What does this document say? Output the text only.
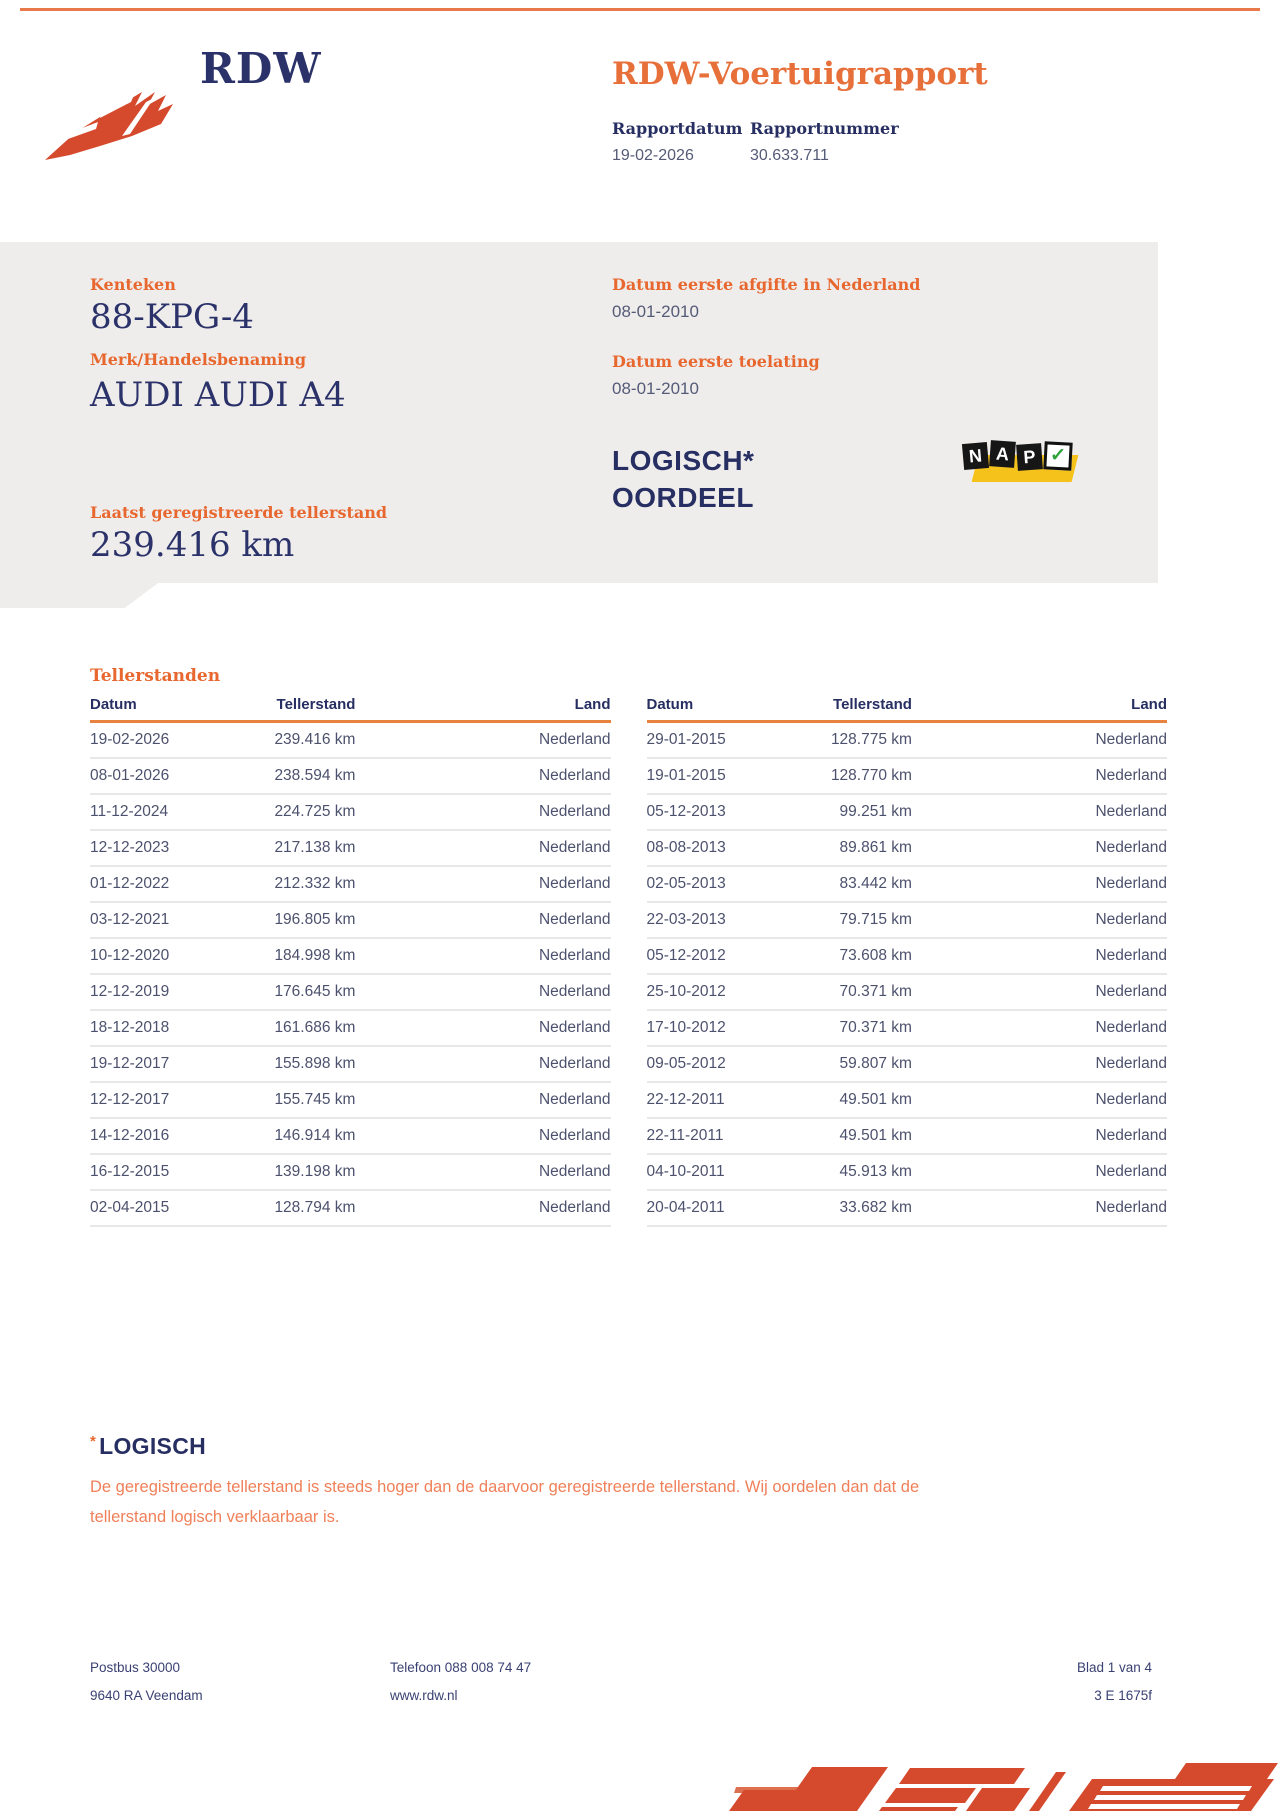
RDW	RDW-Voertuigrapport
Rapportdatum
19-02-2026
Rapportnummer
30.633.711
Kenteken
88-KPG-4
Merk/Handelsbenaming
AUDI AUDI A4
Laatst geregistreerde tellerstand
239.416 km
Datum eerste afgifte in Nederland
08-01-2010
Datum eerste toelating
08-01-2010
LOGISCH*
OORDEEL
N A P ✓
Tellerstanden
Datum	Tellerstand	Land
19-02-2026	239.416 km	Nederland
08-01-2026	238.594 km	Nederland
11-12-2024	224.725 km	Nederland
12-12-2023	217.138 km	Nederland
01-12-2022	212.332 km	Nederland
03-12-2021	196.805 km	Nederland
10-12-2020	184.998 km	Nederland
12-12-2019	176.645 km	Nederland
18-12-2018	161.686 km	Nederland
19-12-2017	155.898 km	Nederland
12-12-2017	155.745 km	Nederland
14-12-2016	146.914 km	Nederland
16-12-2015	139.198 km	Nederland
02-04-2015	128.794 km	Nederland
Datum	Tellerstand	Land
29-01-2015	128.775 km	Nederland
19-01-2015	128.770 km	Nederland
05-12-2013	99.251 km	Nederland
08-08-2013	89.861 km	Nederland
02-05-2013	83.442 km	Nederland
22-03-2013	79.715 km	Nederland
05-12-2012	73.608 km	Nederland
25-10-2012	70.371 km	Nederland
17-10-2012	70.371 km	Nederland
09-05-2012	59.807 km	Nederland
22-12-2011	49.501 km	Nederland
22-11-2011	49.501 km	Nederland
04-10-2011	45.913 km	Nederland
20-04-2011	33.682 km	Nederland
* LOGISCH

De geregistreerde tellerstand is steeds hoger dan de daarvoor geregistreerde tellerstand. Wij oordelen dan dat de tellerstand logisch verklaarbaar is.

Postbus 30000
9640 RA Veendam
Telefoon 088 008 74 47
www.rdw.nl
Blad 1 van 4
3 E 1675f
